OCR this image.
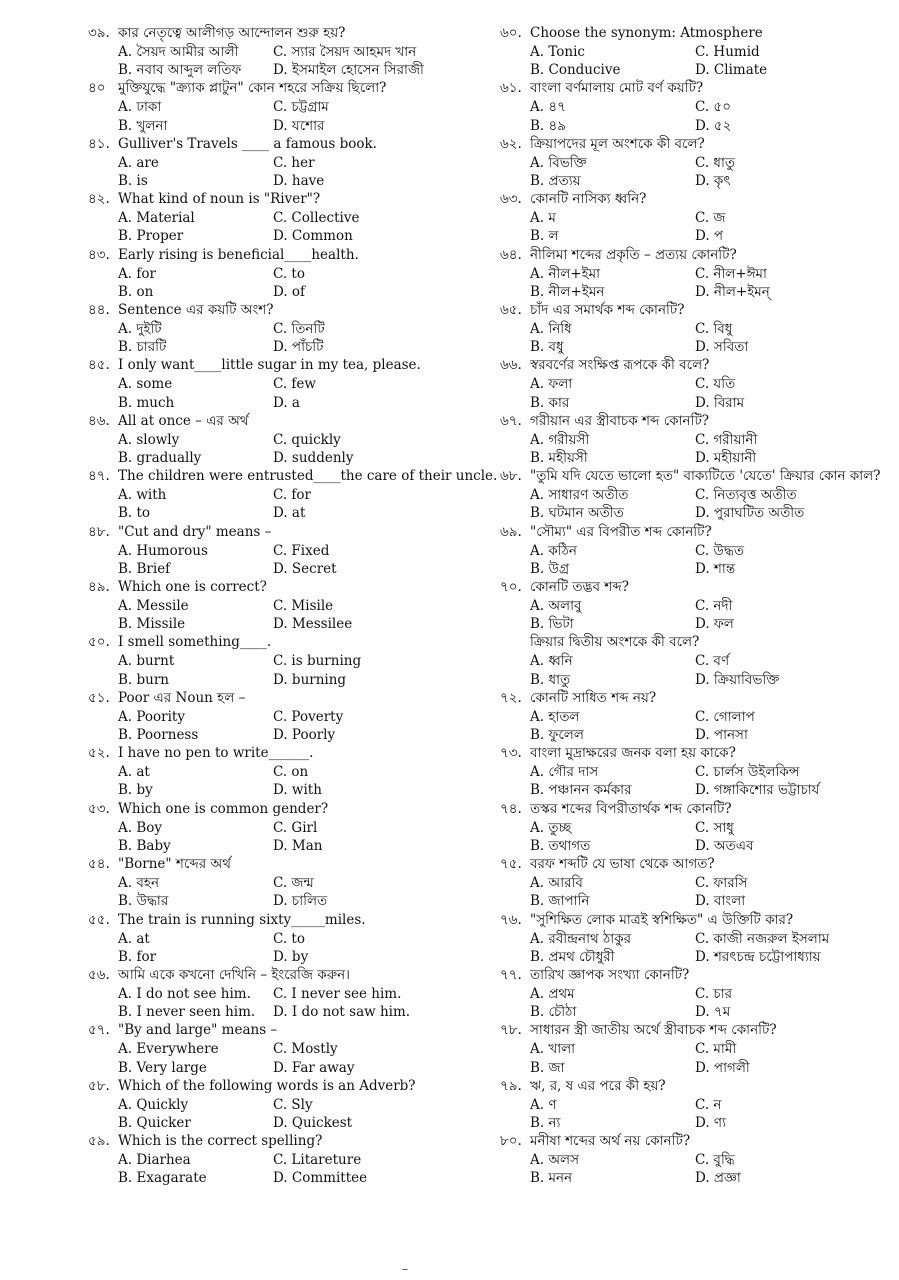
৩৯. কার নেতৃত্বে আলীগড় আন্দোলন শুরু হয়?
A. সৈয়দ আমীর আলী	C. স্যার সৈয়দ আহমদ খান
B. নবাব আব্দুল লতিফ	D. ইসমাইল হোসেন সিরাজী
৪০ মুক্তিযুদ্ধে "ক্র্যাক প্লাটুন" কোন শহরে সক্রিয় ছিলো?
A. ঢাকা	C. চট্টগ্রাম
B. খুলনা	D. যশোর
৪১. Gulliver's Travels ____ a famous book.
A. are	C. her
B. is	D. have
৪২. What kind of noun is "River"?
A. Material	C. Collective
B. Proper	D. Common
৪৩. Early rising is beneficial____health.
A. for	C. to
B. on	D. of
৪৪. Sentence এর কয়টি অংশ?
A. দুইটি	C. তিনটি
B. চারটি	D. পাঁচটি
৪৫. I only want____little sugar in my tea, please.
A. some	C. few
B. much	D. a
৪৬. All at once – এর অর্থ
A. slowly	C. quickly
B. gradually	D. suddenly
৪৭. The children were entrusted____the care of their uncle.
A. with	C. for
B. to	D. at
৪৮. "Cut and dry" means –
A. Humorous	C. Fixed
B. Brief	D. Secret
৪৯. Which one is correct?
A. Messile	C. Misile
B. Missile	D. Messilee
৫০. I smell something____.
A. burnt	C. is burning
B. burn	D. burning
৫১. Poor এর Noun হল –
A. Poority	C. Poverty
B. Poorness	D. Poorly
৫২. I have no pen to write______.
A. at	C. on
B. by	D. with
৫৩. Which one is common gender?
A. Boy	C. Girl
B. Baby	D. Man
৫৪. "Borne" শব্দের অর্থ
A. বহন	C. জন্ম
B. উদ্ধার	D. চালিত
৫৫. The train is running sixty_____miles.
A. at	C. to
B. for	D. by
৫৬. আমি একে কখনো দেখিনি – ইংরেজি করুন।
A. I do not see him.	C. I never see him.
B. I never seen him.	D. I do not saw him.
৫৭. "By and large" means –
A. Everywhere	C. Mostly
B. Very large	D. Far away
৫৮. Which of the following words is an Adverb?
A. Quickly	C. Sly
B. Quicker	D. Quickest
৫৯. Which is the correct spelling?
A. Diarhea	C. Litareture
B. Exagarate	D. Committee
৬০. Choose the synonym: Atmosphere
A. Tonic	C. Humid
B. Conducive	D. Climate
৬১. বাংলা বর্ণমালায় মোট বর্ণ কয়টি?
A. ৪৭	C. ৫০
B. ৪৯	D. ৫২
৬২. ক্রিয়াপদের মূল অংশকে কী বলে?
A. বিভক্তি	C. ধাতু
B. প্রত্যয়	D. কৃৎ
৬৩. কোনটি নাসিক্য ধ্বনি?
A. ম	C. জ
B. ল	D. প
৬৪. নীলিমা শব্দের প্রকৃতি – প্রত্যয় কোনটি?
A. নীল+ইমা	C. নীল+ঈমা
B. নীল+ইমন	D. নীল+ইমন্
৬৫. চাঁদ এর সমার্থক শব্দ কোনটি?
A. নিধি	C. বিধু
B. বধু	D. সবিতা
৬৬. স্বরবর্ণের সংক্ষিপ্ত রূপকে কী বলে?
A. ফলা	C. যতি
B. কার	D. বিরাম
৬৭. গরীয়ান এর স্ত্রীবাচক শব্দ কোনটি?
A. গরীয়সী	C. গরীয়ানী
B. মহীয়সী	D. মহীয়ানী
৬৮. "তুমি যদি যেতে ভালো হত" বাক্যটিতে 'যেতে' ক্রিয়ার কোন কাল?
A. সাধারণ অতীত	C. নিত্যবৃত্ত অতীত
B. ঘটমান অতীত	D. পুরাঘটিত অতীত
৬৯. "সৌম্য" এর বিপরীত শব্দ কোনটি?
A. কঠিন	C. উদ্ধত
B. উগ্র	D. শান্ত
৭০. কোনটি তদ্ভব শব্দ?
A. অলাবু	C. নদী
B. ভিটা	D. ফল
ক্রিয়ার দ্বিতীয় অংশকে কী বলে?
A. ধ্বনি	C. বর্ণ
B. ধাতু	D. ক্রিয়াবিভক্তি
৭২. কোনটি সাধিত শব্দ নয়?
A. হাতল	C. গোলাপ
B. ফুলেল	D. পানসা
৭৩. বাংলা মুদ্রাক্ষরের জনক বলা হয় কাকে?
A. গৌর দাস	C. চার্লস উইলকিন্স
B. পঞ্চানন কর্মকার	D. গঙ্গাকিশোর ভট্টাচার্য
৭৪. তস্কর শব্দের বিপরীতার্থক শব্দ কোনটি?
A. তুচ্ছ	C. সাধু
B. তথাগত	D. অতএব
৭৫. বরফ শব্দটি যে ভাষা থেকে আগত?
A. আরবি	C. ফারসি
B. জাপানি	D. বাংলা
৭৬. "সুশিক্ষিত লোক মাত্রই স্বশিক্ষিত" এ উক্তিটি কার?
A. রবীন্দ্রনাথ ঠাকুর	C. কাজী নজরুল ইসলাম
B. প্রমথ চৌধুরী	D. শরৎচন্দ্র চট্টোপাধ্যায়
৭৭. তারিখ জ্ঞাপক সংখ্যা কোনটি?
A. প্রথম	C. চার
B. চৌঠা	D. ৭ম
৭৮. সাধারন স্ত্রী জাতীয় অর্থে স্ত্রীবাচক শব্দ কোনটি?
A. খালা	C. মামী
B. জা	D. পাগলী
৭৯. ঋ, র, ষ এর পরে কী হয়?
A. ণ	C. ন
B. ন্য	D. ণ্য
৮০. মনীষা শব্দের অর্থ নয় কোনটি?
A. অলস	C. বুদ্ধি
B. মনন	D. প্রজ্ঞা
–
